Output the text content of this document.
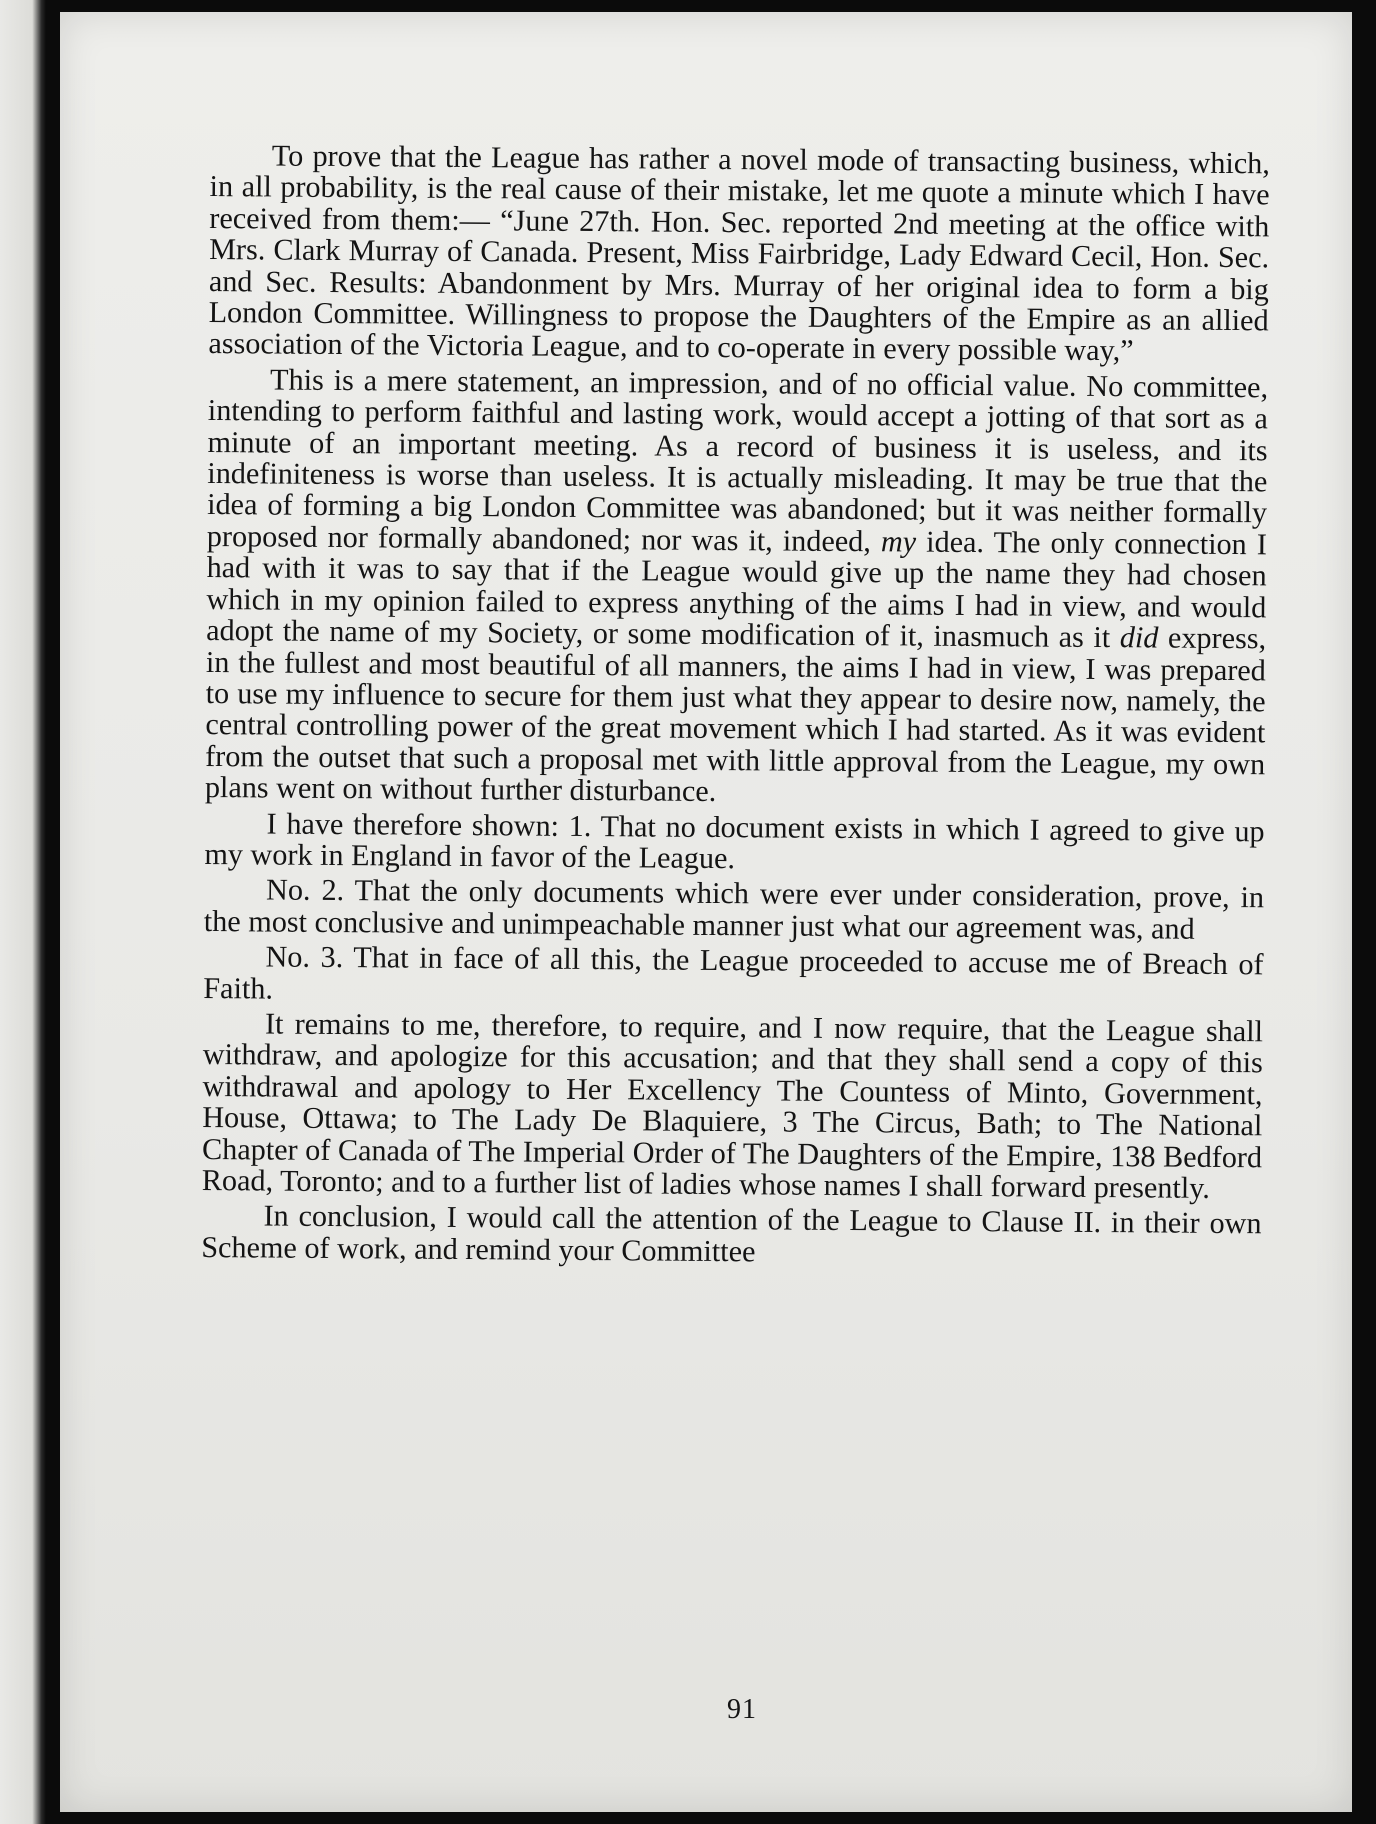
To prove that the League has rather a novel mode of transacting business, which, in all probability, is the real cause of their mistake, let me quote a minute which I have received from them:— “June 27th. Hon. Sec. reported 2nd meeting at the office with Mrs. Clark Murray of Canada. Present, Miss Fairbridge, Lady Edward Cecil, Hon. Sec. and Sec. Results: Abandonment by Mrs. Murray of her original idea to form a big London Committee. Willingness to propose the Daughters of the Empire as an allied association of the Victoria League, and to co-operate in every possible way,”

This is a mere statement, an impression, and of no official value. No committee, intending to perform faithful and lasting work, would accept a jotting of that sort as a minute of an important meeting. As a record of business it is useless, and its indefiniteness is worse than useless. It is actually misleading. It may be true that the idea of forming a big London Committee was abandoned; but it was neither formally proposed nor formally abandoned; nor was it, indeed, my idea. The only connection I had with it was to say that if the League would give up the name they had chosen which in my opinion failed to express anything of the aims I had in view, and would adopt the name of my Society, or some modification of it, inasmuch as it did express, in the fullest and most beautiful of all manners, the aims I had in view, I was prepared to use my influence to secure for them just what they appear to desire now, namely, the central controlling power of the great movement which I had started. As it was evident from the outset that such a proposal met with little approval from the League, my own plans went on without further disturbance.

I have therefore shown: 1. That no document exists in which I agreed to give up my work in England in favor of the League.

No. 2. That the only documents which were ever under consideration, prove, in the most conclusive and unimpeachable manner just what our agreement was, and

No. 3. That in face of all this, the League proceeded to accuse me of Breach of Faith.

It remains to me, therefore, to require, and I now require, that the League shall withdraw, and apologize for this accusation; and that they shall send a copy of this withdrawal and apology to Her Excellency The Countess of Minto, Government, House, Ottawa; to The Lady De Blaquiere, 3 The Circus, Bath; to The National Chapter of Canada of The Imperial Order of The Daughters of the Empire, 138 Bedford Road, Toronto; and to a further list of ladies whose names I shall forward presently.

In conclusion, I would call the attention of the League to Clause II. in their own Scheme of work, and remind your Committee

91
